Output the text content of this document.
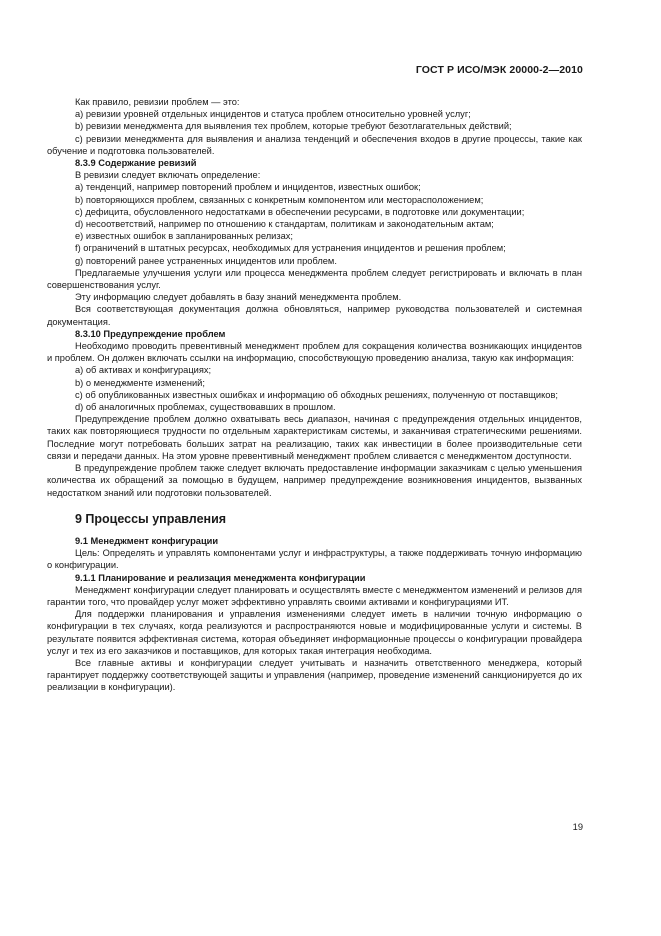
ГОСТ Р ИСО/МЭК 20000-2—2010

Как правило, ревизии проблем — это:

a) ревизии уровней отдельных инцидентов и статуса проблем относительно уровней услуг;

b) ревизии менеджмента для выявления тех проблем, которые требуют безотлагательных действий;

c) ревизии менеджмента для выявления и анализа тенденций и обеспечения входов в другие процессы, такие как обучение и подготовка пользователей.

8.3.9 Содержание ревизий

В ревизии следует включать определение:

a) тенденций, например повторений проблем и инцидентов, известных ошибок;

b) повторяющихся проблем, связанных с конкретным компонентом или месторасположением;

c) дефицита, обусловленного недостатками в обеспечении ресурсами, в подготовке или документации;

d) несоответствий, например по отношению к стандартам, политикам и законодательным актам;

e) известных ошибок в запланированных релизах;

f) ограничений в штатных ресурсах, необходимых для устранения инцидентов и решения проблем;

g) повторений ранее устраненных инцидентов или проблем.

Предлагаемые улучшения услуги или процесса менеджмента проблем следует регистрировать и включать в план совершенствования услуг.

Эту информацию следует добавлять в базу знаний менеджмента проблем.

Вся соответствующая документация должна обновляться, например руководства пользователей и системная документация.

8.3.10 Предупреждение проблем

Необходимо проводить превентивный менеджмент проблем для сокращения количества возникающих инцидентов и проблем. Он должен включать ссылки на информацию, способствующую проведению анализа, такую как информация:

a) об активах и конфигурациях;

b) о менеджменте изменений;

c) об опубликованных известных ошибках и информацию об обходных решениях, полученную от поставщиков;

d) об аналогичных проблемах, существовавших в прошлом.

Предупреждение проблем должно охватывать весь диапазон, начиная с предупреждения отдельных инцидентов, таких как повторяющиеся трудности по отдельным характеристикам системы, и заканчивая стратегическими решениями. Последние могут потребовать больших затрат на реализацию, таких как инвестиции в более производительные сети связи и передачи данных. На этом уровне превентивный менеджмент проблем сливается с менеджментом доступности.

В предупреждение проблем также следует включать предоставление информации заказчикам с целью уменьшения количества их обращений за помощью в будущем, например предупреждение возникновения инцидентов, вызванных недостатком знаний или подготовки пользователей.

9 Процессы управления

9.1 Менеджмент конфигурации

Цель: Определять и управлять компонентами услуг и инфраструктуры, а также поддерживать точную информацию о конфигурации.

9.1.1 Планирование и реализация менеджмента конфигурации

Менеджмент конфигурации следует планировать и осуществлять вместе с менеджментом изменений и релизов для гарантии того, что провайдер услуг может эффективно управлять своими активами и конфигурациями ИТ.

Для поддержки планирования и управления изменениями следует иметь в наличии точную информацию о конфигурации в тех случаях, когда реализуются и распространяются новые и модифицированные услуги и системы. В результате появится эффективная система, которая объединяет информационные процессы о конфигурации провайдера услуг и тех из его заказчиков и поставщиков, для которых такая интеграция необходима.

Все главные активы и конфигурации следует учитывать и назначить ответственного менеджера, который гарантирует поддержку соответствующей защиты и управления (например, проведение изменений санкционируется до их реализации в конфигурации).

19
